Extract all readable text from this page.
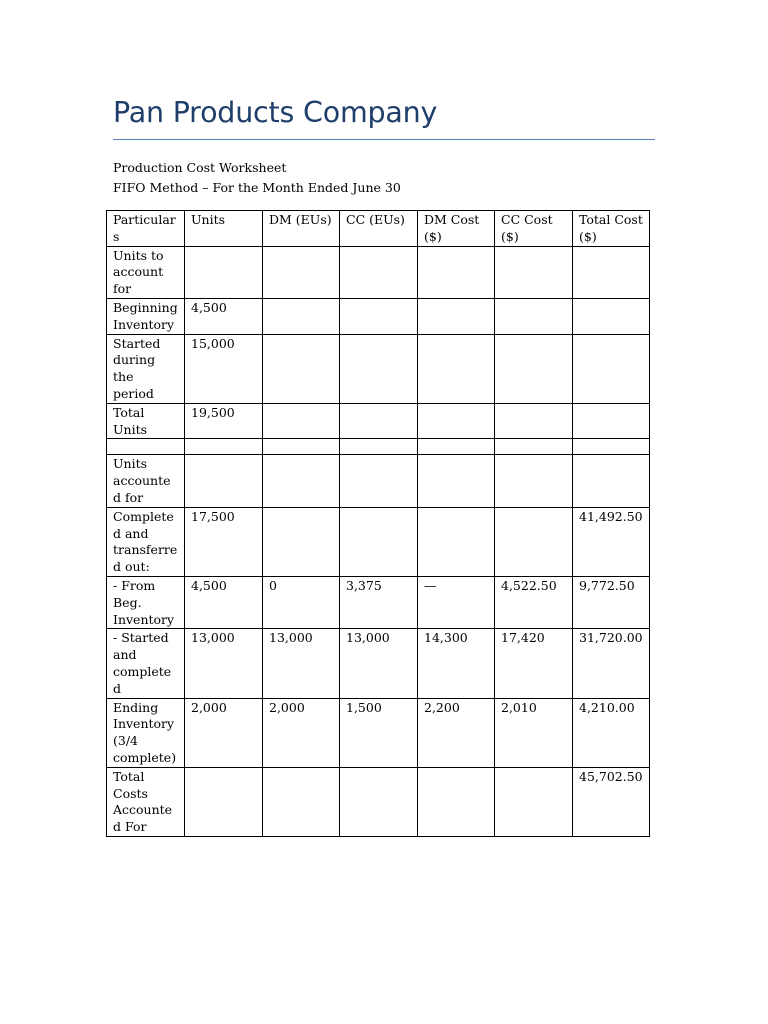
Pan Products Company
Production Cost Worksheet
FIFO Method – For the Month Ended June 30
Particular s	Units	DM (EUs)	CC (EUs)	DM Cost ($)	CC Cost ($)	Total Cost ($)
Units to account for						
Beginning Inventory	4,500					
Started during the period	15,000					
Total Units	19,500					

Units accounted for						
Completed and transferre d out:	17,500					41,492.50
- From Beg. Inventory	4,500	0	3,375	—	4,522.50	9,772.50
- Started and completed	13,000	13,000	13,000	14,300	17,420	31,720.00
Ending Inventory (3/4 complete)	2,000	2,000	1,500	2,200	2,010	4,210.00
Total Costs Accounted For						45,702.50
